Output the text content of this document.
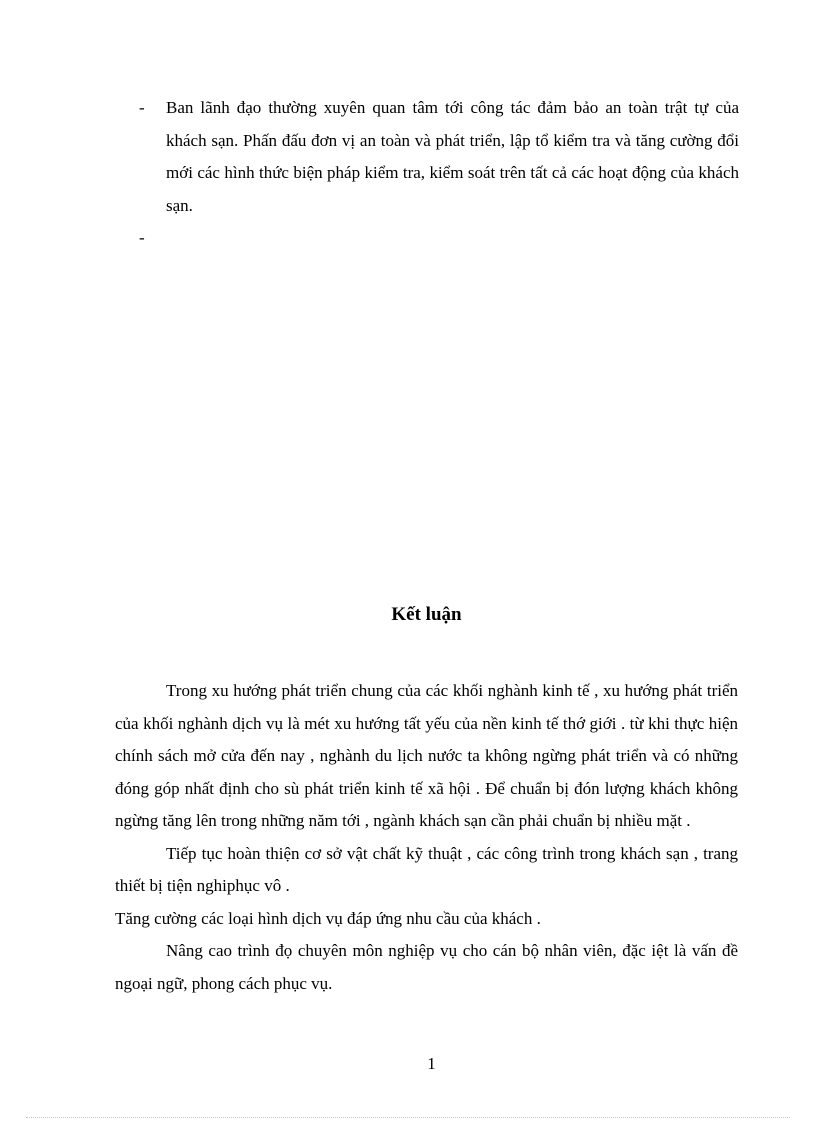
- Ban lãnh đạo thường xuyên quan tâm tới công tác đảm bảo an toàn trật tự của khách sạn. Phấn đấu đơn vị an toàn và phát triển, lập tổ kiểm tra và tăng cường đổi mới các hình thức biện pháp kiểm tra, kiểm soát trên tất cả các hoạt động của khách sạn.
-

Kết luận

Trong xu hướng phát triển chung của các khối nghành kinh tế , xu hướng phát triển của khối nghành dịch vụ là mét xu hướng tất yếu của nền kinh tế thớ giới . từ khi thực hiện chính sách mở cửa đến nay , nghành du lịch nước ta không ngừng phát triển và có những đóng góp nhất định cho sù phát triển kinh tế xã hội . Để chuẩn bị đón lượng khách không ngừng tăng lên trong những năm tới , ngành khách sạn cần phải chuẩn bị nhiều mặt .

Tiếp tục hoàn thiện cơ sở vật chất kỹ thuật , các công trình trong khách sạn , trang thiết bị tiện nghiphục vô .

Tăng cường các loại hình dịch vụ đáp ứng nhu cầu của khách .

Nâng cao trình đọ chuyên môn nghiệp vụ cho cán bộ nhân viên, đặc iệt là vấn đề ngoại ngữ, phong cách phục vụ.

1
